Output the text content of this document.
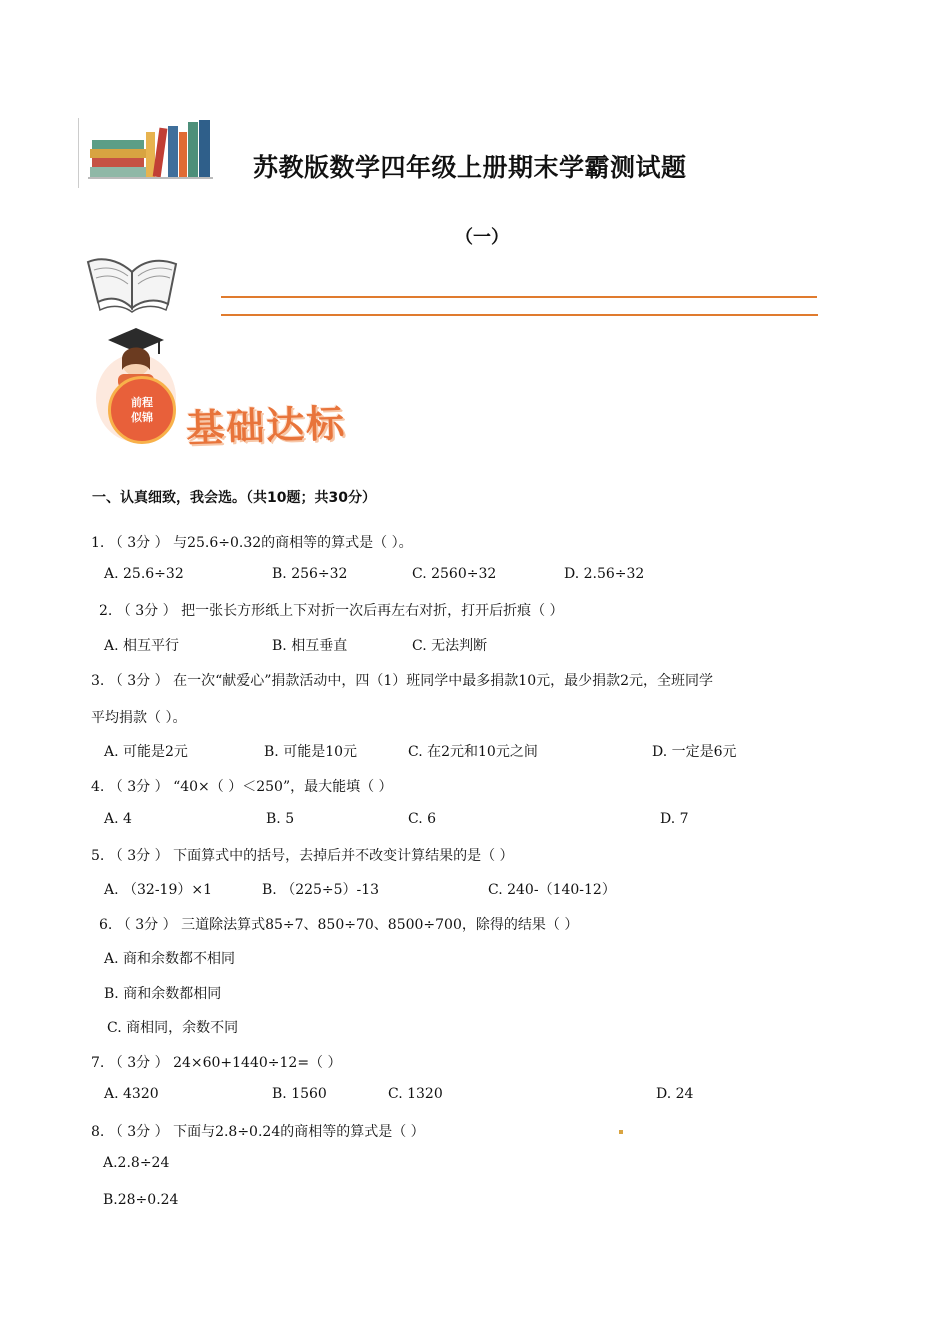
苏教版数学四年级上册期末学霸测试题
（一）
前程
似锦 基础达标
一、认真细致，我会选。（共10题；共30分）
1. （ 3分 ） 与25.6÷0.32的商相等的算式是（ ）。
A. 25.6÷32	B. 256÷32	C. 2560÷32	D. 2.56÷32
2. （ 3分 ） 把一张长方形纸上下对折一次后再左右对折，打开后折痕（ ）
A. 相互平行	B. 相互垂直	C. 无法判断
3. （ 3分 ） 在一次“献爱心”捐款活动中，四（1）班同学中最多捐款10元，最少捐款2元，全班同学
平均捐款（ ）。
A. 可能是2元	B. 可能是10元	C. 在2元和10元之间	D. 一定是6元
4. （ 3分 ） “40×（ ）＜250”，最大能填（ ）
A. 4	B. 5	C. 6	D. 7
5. （ 3分 ） 下面算式中的括号，去掉后并不改变计算结果的是（ ）
A. （32-19）×1	B. （225÷5）-13	C. 240-（140-12）
6. （ 3分 ） 三道除法算式85÷7、850÷70、8500÷700，除得的结果（ ）
A. 商和余数都不相同
B. 商和余数都相同
C. 商相同，余数不同
7. （ 3分 ） 24×60+1440÷12=（ ）
A. 4320	B. 1560	C. 1320	D. 24
8. （ 3分 ） 下面与2.8÷0.24的商相等的算式是（ ）
A.2.8÷24
B.28÷0.24
